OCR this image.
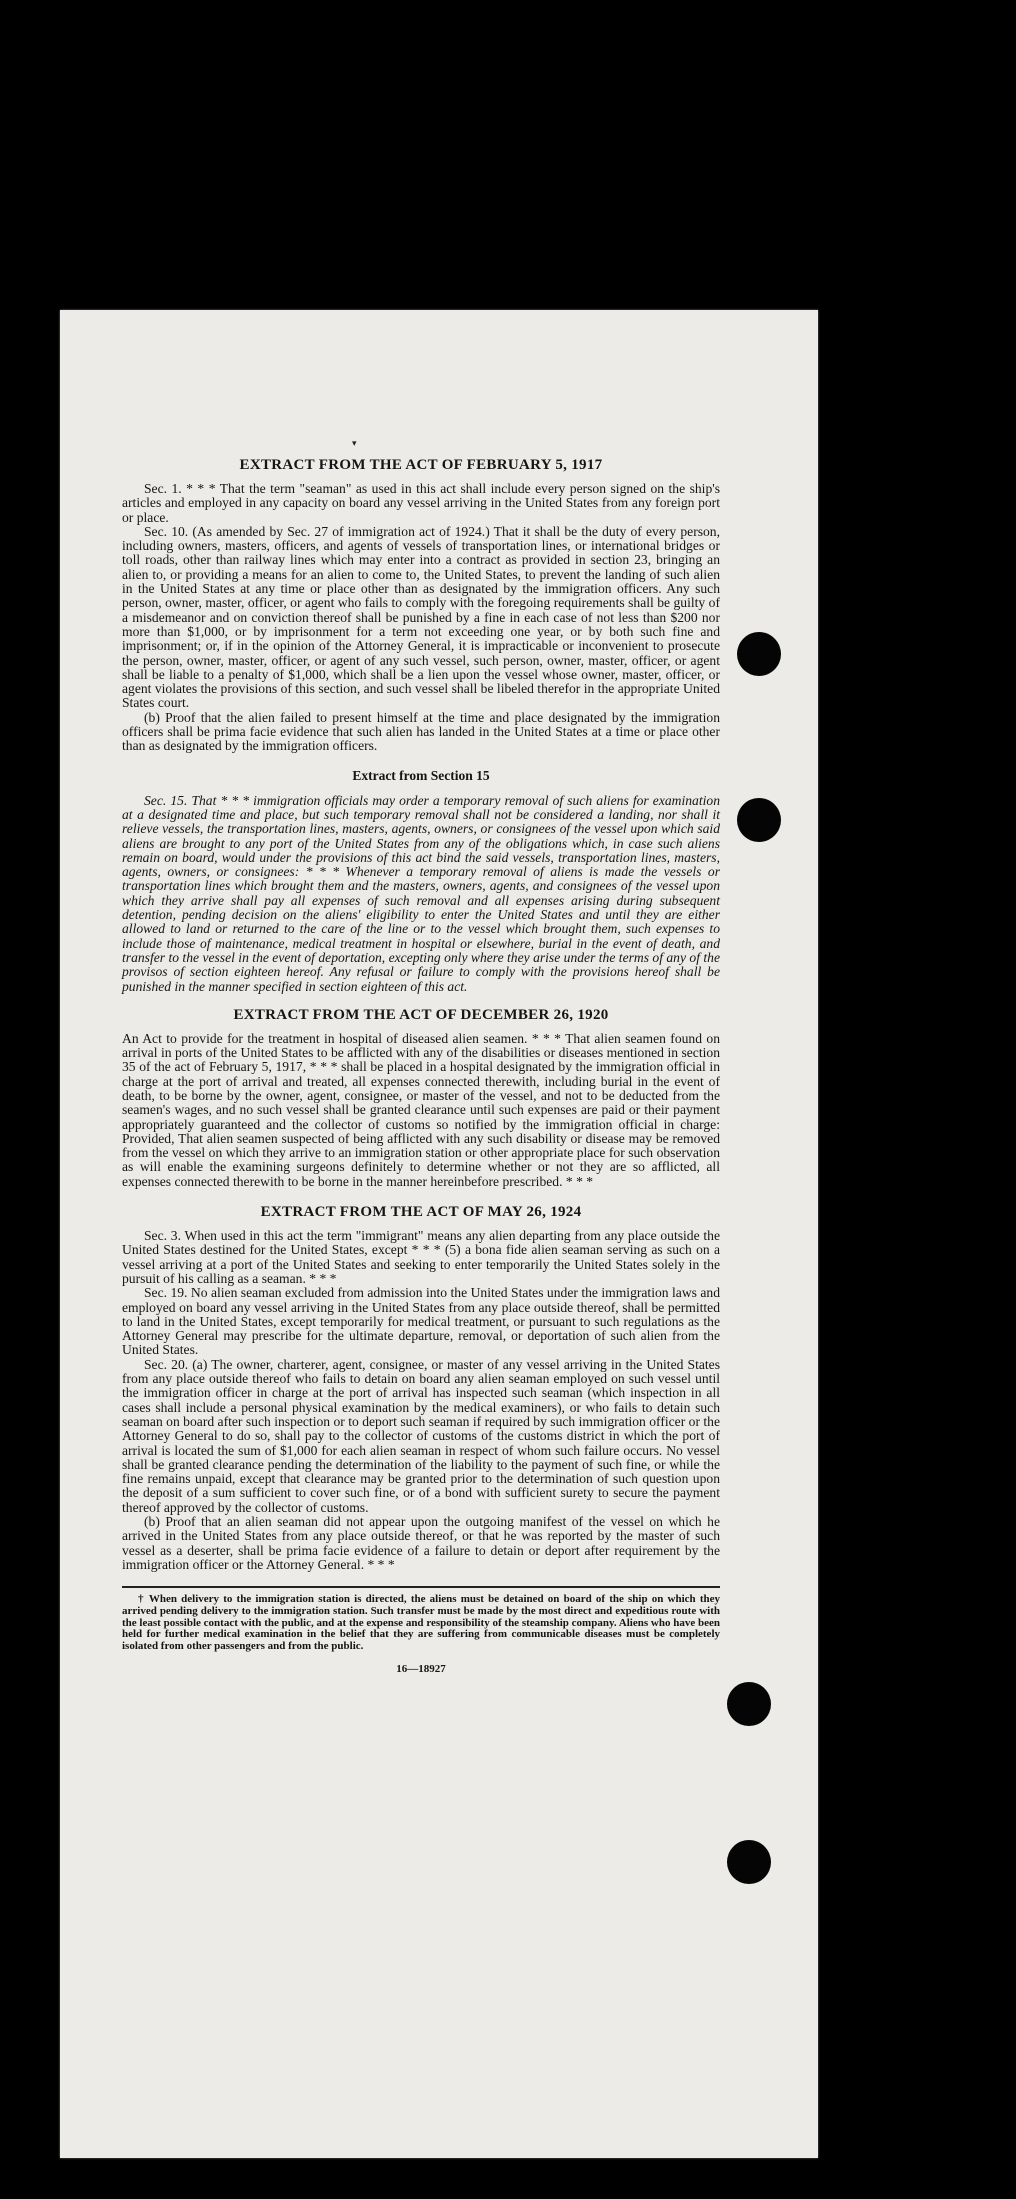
▾
EXTRACT FROM THE ACT OF FEBRUARY 5, 1917

Sec. 1. * * * That the term "seaman" as used in this act shall include every person signed on the ship's articles and employed in any capacity on board any vessel arriving in the United States from any foreign port or place.

Sec. 10. (As amended by Sec. 27 of immigration act of 1924.) That it shall be the duty of every person, including owners, masters, officers, and agents of vessels of transportation lines, or international bridges or toll roads, other than railway lines which may enter into a contract as provided in section 23, bringing an alien to, or providing a means for an alien to come to, the United States, to prevent the landing of such alien in the United States at any time or place other than as designated by the immigration officers. Any such person, owner, master, officer, or agent who fails to comply with the foregoing requirements shall be guilty of a misdemeanor and on conviction thereof shall be punished by a fine in each case of not less than $200 nor more than $1,000, or by imprisonment for a term not exceeding one year, or by both such fine and imprisonment; or, if in the opinion of the Attorney General, it is impracticable or inconvenient to prosecute the person, owner, master, officer, or agent of any such vessel, such person, owner, master, officer, or agent shall be liable to a penalty of $1,000, which shall be a lien upon the vessel whose owner, master, officer, or agent violates the provisions of this section, and such vessel shall be libeled therefor in the appropriate United States court.

(b) Proof that the alien failed to present himself at the time and place designated by the immigration officers shall be prima facie evidence that such alien has landed in the United States at a time or place other than as designated by the immigration officers.

Extract from Section 15

Sec. 15. That * * * immigration officials may order a temporary removal of such aliens for examination at a designated time and place, but such temporary removal shall not be considered a landing, nor shall it relieve vessels, the transportation lines, masters, agents, owners, or consignees of the vessel upon which said aliens are brought to any port of the United States from any of the obligations which, in case such aliens remain on board, would under the provisions of this act bind the said vessels, transportation lines, masters, agents, owners, or consignees: * * * Whenever a temporary removal of aliens is made the vessels or transportation lines which brought them and the masters, owners, agents, and consignees of the vessel upon which they arrive shall pay all expenses of such removal and all expenses arising during subsequent detention, pending decision on the aliens' eligibility to enter the United States and until they are either allowed to land or returned to the care of the line or to the vessel which brought them, such expenses to include those of maintenance, medical treatment in hospital or elsewhere, burial in the event of death, and transfer to the vessel in the event of deportation, excepting only where they arise under the terms of any of the provisos of section eighteen hereof. Any refusal or failure to comply with the provisions hereof shall be punished in the manner specified in section eighteen of this act.

EXTRACT FROM THE ACT OF DECEMBER 26, 1920

An Act to provide for the treatment in hospital of diseased alien seamen. * * * That alien seamen found on arrival in ports of the United States to be afflicted with any of the disabilities or diseases mentioned in section 35 of the act of February 5, 1917, * * * shall be placed in a hospital designated by the immigration official in charge at the port of arrival and treated, all expenses connected therewith, including burial in the event of death, to be borne by the owner, agent, consignee, or master of the vessel, and not to be deducted from the seamen's wages, and no such vessel shall be granted clearance until such expenses are paid or their payment appropriately guaranteed and the collector of customs so notified by the immigration official in charge: Provided, That alien seamen suspected of being afflicted with any such disability or disease may be removed from the vessel on which they arrive to an immigration station or other appropriate place for such observation as will enable the examining surgeons definitely to determine whether or not they are so afflicted, all expenses connected therewith to be borne in the manner hereinbefore prescribed. * * *

EXTRACT FROM THE ACT OF MAY 26, 1924

Sec. 3. When used in this act the term "immigrant" means any alien departing from any place outside the United States destined for the United States, except * * * (5) a bona fide alien seaman serving as such on a vessel arriving at a port of the United States and seeking to enter temporarily the United States solely in the pursuit of his calling as a seaman. * * *

Sec. 19. No alien seaman excluded from admission into the United States under the immigration laws and employed on board any vessel arriving in the United States from any place outside thereof, shall be permitted to land in the United States, except temporarily for medical treatment, or pursuant to such regulations as the Attorney General may prescribe for the ultimate departure, removal, or deportation of such alien from the United States.

Sec. 20. (a) The owner, charterer, agent, consignee, or master of any vessel arriving in the United States from any place outside thereof who fails to detain on board any alien seaman employed on such vessel until the immigration officer in charge at the port of arrival has inspected such seaman (which inspection in all cases shall include a personal physical examination by the medical examiners), or who fails to detain such seaman on board after such inspection or to deport such seaman if required by such immigration officer or the Attorney General to do so, shall pay to the collector of customs of the customs district in which the port of arrival is located the sum of $1,000 for each alien seaman in respect of whom such failure occurs. No vessel shall be granted clearance pending the determination of the liability to the payment of such fine, or while the fine remains unpaid, except that clearance may be granted prior to the determination of such question upon the deposit of a sum sufficient to cover such fine, or of a bond with sufficient surety to secure the payment thereof approved by the collector of customs.

(b) Proof that an alien seaman did not appear upon the outgoing manifest of the vessel on which he arrived in the United States from any place outside thereof, or that he was reported by the master of such vessel as a deserter, shall be prima facie evidence of a failure to detain or deport after requirement by the immigration officer or the Attorney General. * * *

† When delivery to the immigration station is directed, the aliens must be detained on board of the ship on which they arrived pending delivery to the immigration station. Such transfer must be made by the most direct and expeditious route with the least possible contact with the public, and at the expense and responsibility of the steamship company. Aliens who have been held for further medical examination in the belief that they are suffering from communicable diseases must be completely isolated from other passengers and from the public.

16—18927
